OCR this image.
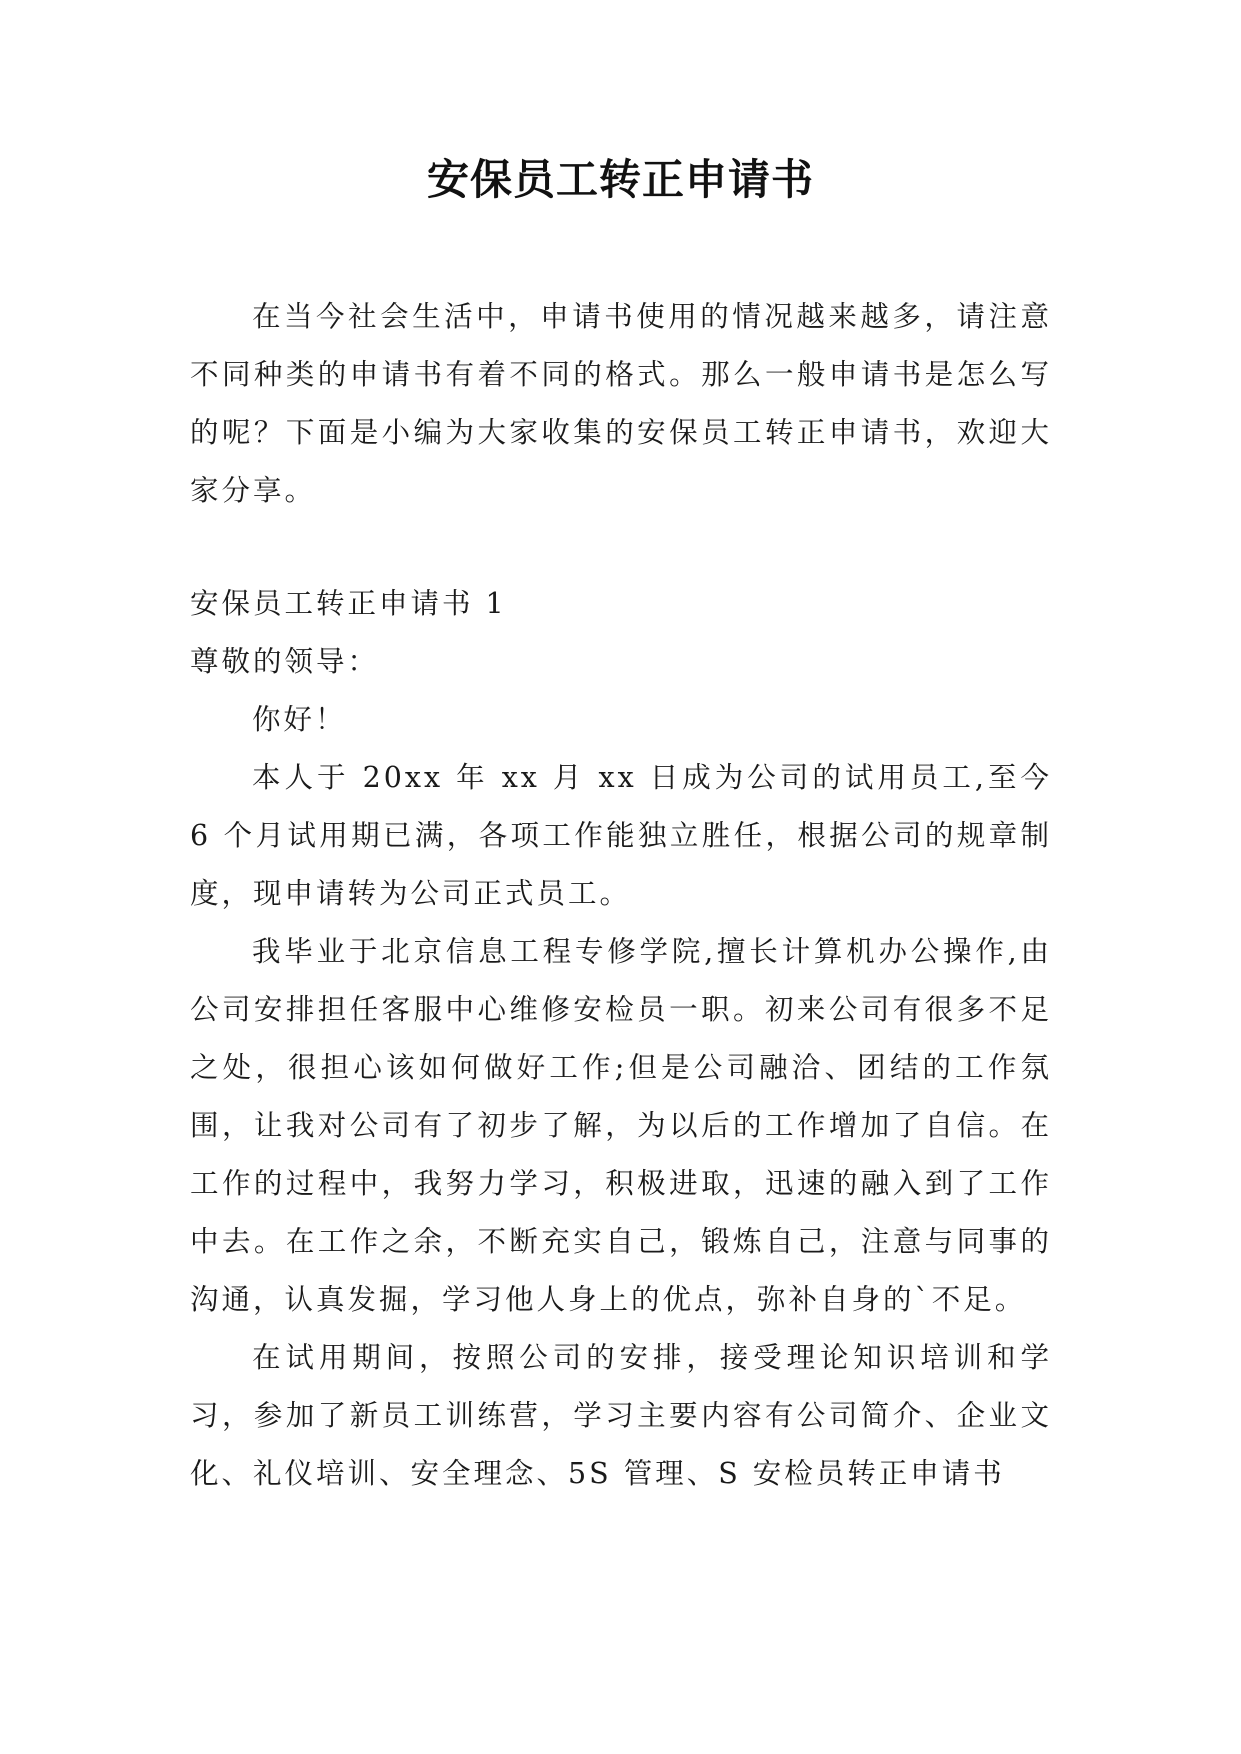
安保员工转正申请书

在当今社会生活中，申请书使用的情况越来越多，请注意不同种类的申请书有着不同的格式。那么一般申请书是怎么写的呢？下面是小编为大家收集的安保员工转正申请书，欢迎大家分享。

安保员工转正申请书 1

尊敬的领导：

你好！

本人于 20xx 年 xx 月 xx 日成为公司的试用员工,至今 6 个月试用期已满，各项工作能独立胜任，根据公司的规章制度，现申请转为公司正式员工。

我毕业于北京信息工程专修学院,擅长计算机办公操作,由公司安排担任客服中心维修安检员一职。初来公司有很多不足之处，很担心该如何做好工作;但是公司融洽、团结的工作氛围，让我对公司有了初步了解，为以后的工作增加了自信。在工作的过程中，我努力学习，积极进取，迅速的融入到了工作中去。在工作之余，不断充实自己，锻炼自己，注意与同事的沟通，认真发掘，学习他人身上的优点，弥补自身的`不足。

在试用期间，按照公司的安排，接受理论知识培训和学习，参加了新员工训练营，学习主要内容有公司简介、企业文化、礼仪培训、安全理念、5S 管理、S 安检员转正申请书
